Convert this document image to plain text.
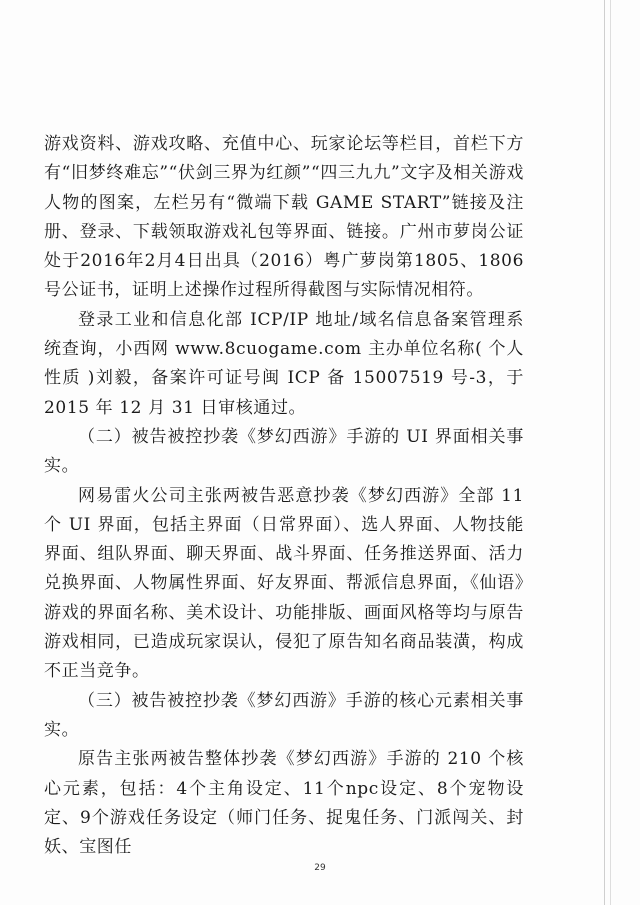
游戏资料、游戏攻略、充值中心、玩家论坛等栏目，首栏下方有“旧梦终难忘”“伏剑三界为红颜”“四三九九”文字及相关游戏人物的图案，左栏另有“微端下载 GAME START”链接及注册、登录、下载领取游戏礼包等界面、链接。广州市萝岗公证处于2016年2月4日出具（2016）粤广萝岗第1805、1806号公证书，证明上述操作过程所得截图与实际情况相符。

登录工业和信息化部 ICP/IP 地址/域名信息备案管理系统查询，小西网 www.8cuogame.com 主办单位名称( 个人性质 )刘毅，备案许可证号闽 ICP 备 15007519 号-3，于 2015 年 12 月 31 日审核通过。

（二）被告被控抄袭《梦幻西游》手游的 UI 界面相关事实。

网易雷火公司主张两被告恶意抄袭《梦幻西游》全部 11 个 UI 界面，包括主界面（日常界面）、选人界面、人物技能界面、组队界面、聊天界面、战斗界面、任务推送界面、活力兑换界面、人物属性界面、好友界面、帮派信息界面，《仙语》游戏的界面名称、美术设计、功能排版、画面风格等均与原告游戏相同，已造成玩家误认，侵犯了原告知名商品装潢，构成不正当竞争。

（三）被告被控抄袭《梦幻西游》手游的核心元素相关事实。

原告主张两被告整体抄袭《梦幻西游》手游的 210 个核心元素，包括：4个主角设定、11个npc设定、8个宠物设定、9个游戏任务设定（师门任务、捉鬼任务、门派闯关、封妖、宝图任

29
